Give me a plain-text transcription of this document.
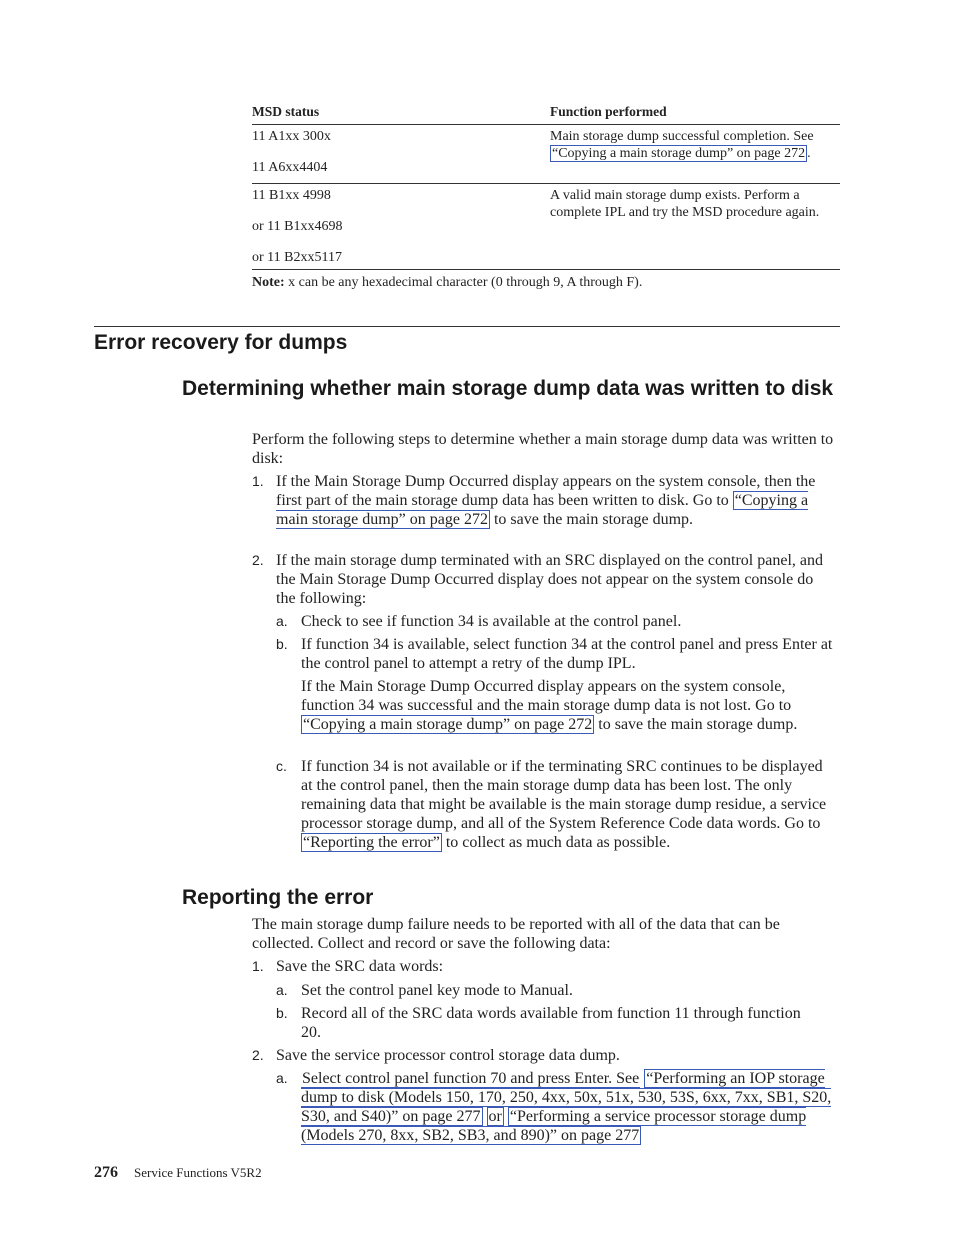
MSD status	Function performed
11 A1xx 300x
11 A6xx4404
Main storage dump successful completion. See “Copying a main storage dump” on page 272 .
11 B1xx 4998
or 11 B1xx4698
or 11 B2xx5117
A valid main storage dump exists. Perform a complete IPL and try the MSD procedure again.
Note: x can be any hexadecimal character (0 through 9, A through F).
Error recovery for dumps
Determining whether main storage dump data was written to disk
Perform the following steps to determine whether a main storage dump data was written to disk:
1. If the Main Storage Dump Occurred display appears on the system console, then the first part of the main storage dump data has been written to disk. Go to “Copying a main storage dump” on page 272 to save the main storage dump.
2. If the main storage dump terminated with an SRC displayed on the control panel, and the Main Storage Dump Occurred display does not appear on the system console do the following:
a. Check to see if function 34 is available at the control panel.
b. If function 34 is available, select function 34 at the control panel and press Enter at the control panel to attempt a retry of the dump IPL.
If the Main Storage Dump Occurred display appears on the system console, function 34 was successful and the main storage dump data is not lost. Go to “Copying a main storage dump” on page 272 to save the main storage dump.
c. If function 34 is not available or if the terminating SRC continues to be displayed at the control panel, then the main storage dump data has been lost. The only remaining data that might be available is the main storage dump residue, a service processor storage dump, and all of the System Reference Code data words. Go to “Reporting the error” to collect as much data as possible.
Reporting the error
The main storage dump failure needs to be reported with all of the data that can be collected. Collect and record or save the following data:
1. Save the SRC data words:
a. Set the control panel key mode to Manual.
b. Record all of the SRC data words available from function 11 through function 20.
2. Save the service processor control storage data dump.
a. Select control panel function 70 and press Enter. See “Performing an IOP storage dump to disk (Models 150, 170, 250, 4xx, 50x, 51x, 530, 53S, 6xx, 7xx, SB1, S20, S30, and S40)” on page 277 or “Performing a service processor storage dump (Models 270, 8xx, SB2, SB3, and 890)” on page 277
276 Service Functions V5R2
